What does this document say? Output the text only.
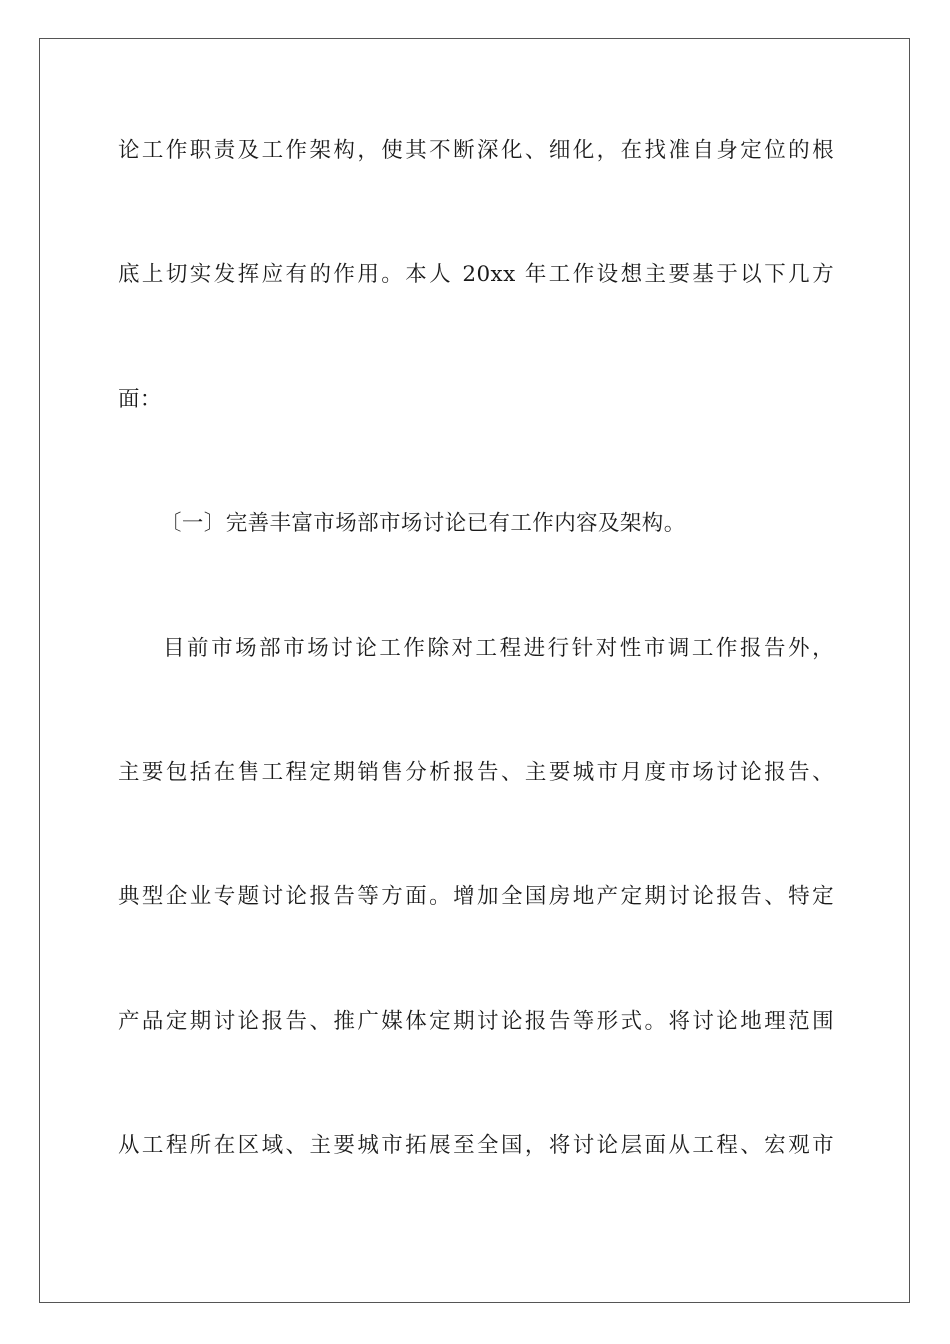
论工作职责及工作架构，使其不断深化、细化，在找准自身定位的根
底上切实发挥应有的作用。本人 20xx 年工作设想主要基于以下几方
面：
〔一〕完善丰富市场部市场讨论已有工作内容及架构。
目前市场部市场讨论工作除对工程进行针对性市调工作报告外，
主要包括在售工程定期销售分析报告、主要城市月度市场讨论报告、
典型企业专题讨论报告等方面。增加全国房地产定期讨论报告、特定
产品定期讨论报告、推广媒体定期讨论报告等形式。将讨论地理范围
从工程所在区域、主要城市拓展至全国，将讨论层面从工程、宏观市
